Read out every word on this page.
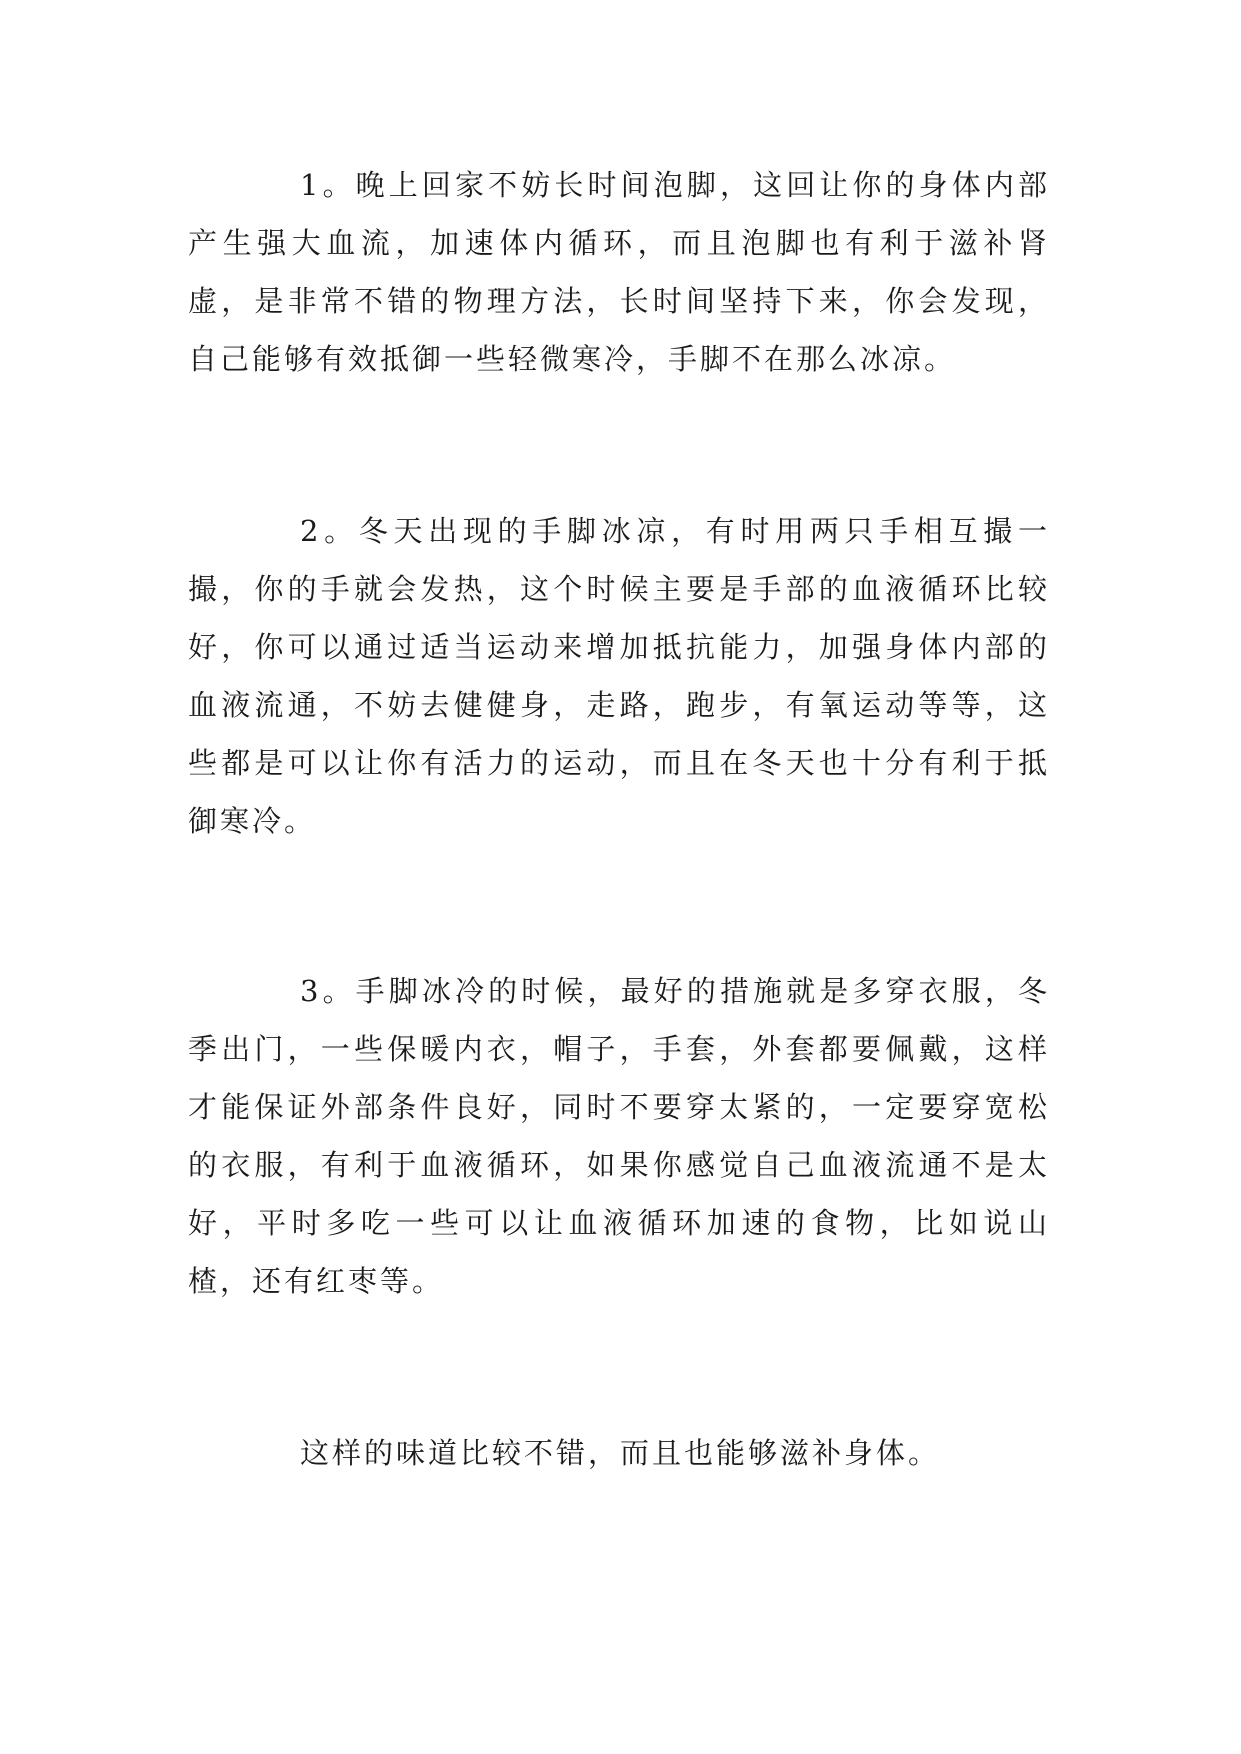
1。晚上回家不妨长时间泡脚，这回让你的身体内部产生强大血流，加速体内循环，而且泡脚也有利于滋补肾虚，是非常不错的物理方法，长时间坚持下来，你会发现，自己能够有效抵御一些轻微寒冷，手脚不在那么冰凉。

2。冬天出现的手脚冰凉，有时用两只手相互撮一撮，你的手就会发热，这个时候主要是手部的血液循环比较好，你可以通过适当运动来增加抵抗能力，加强身体内部的血液流通，不妨去健健身，走路，跑步，有氧运动等等，这些都是可以让你有活力的运动，而且在冬天也十分有利于抵御寒冷。

3。手脚冰冷的时候，最好的措施就是多穿衣服，冬季出门，一些保暖内衣，帽子，手套，外套都要佩戴，这样才能保证外部条件良好，同时不要穿太紧的，一定要穿宽松的衣服，有利于血液循环，如果你感觉自己血液流通不是太好，平时多吃一些可以让血液循环加速的食物，比如说山楂，还有红枣等。

这样的味道比较不错，而且也能够滋补身体。
